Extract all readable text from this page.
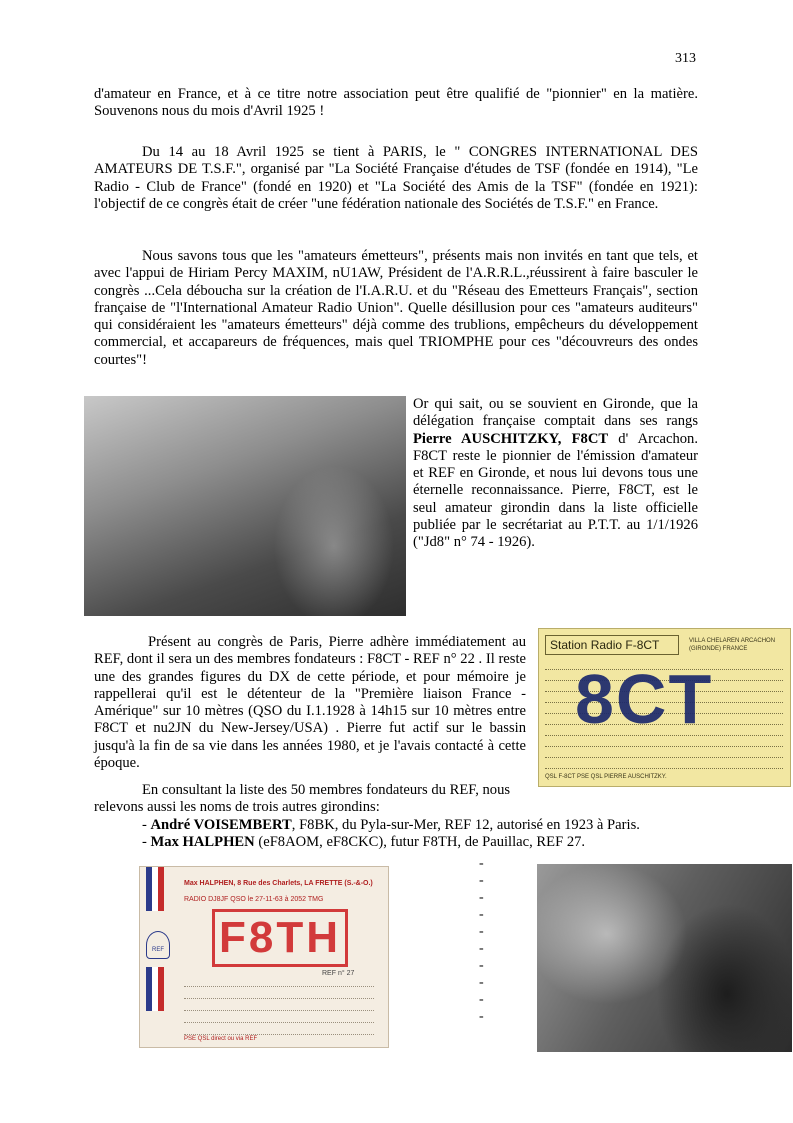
313

d'amateur en France, et à ce titre notre association peut être qualifié de "pionnier" en la matière. Souvenons nous du mois d'Avril 1925 !

Du 14 au 18 Avril 1925 se tient à PARIS, le " CONGRES INTERNATIONAL DES AMATEURS DE T.S.F.", organisé par "La Société Française d'études de TSF (fondée en 1914), "Le Radio - Club de France" (fondé en 1920) et "La Société des Amis de la TSF" (fondée en 1921): l'objectif de ce congrès était de créer "une fédération nationale des Sociétés de T.S.F." en France.

Nous savons tous que les "amateurs émetteurs", présents mais non invités en tant que tels, et avec l'appui de Hiriam Percy MAXIM, nU1AW, Président de l'A.R.R.L.,réussirent à faire basculer le congrès ...Cela déboucha sur la création de l'I.A.R.U. et du "Réseau des Emetteurs Français", section française de "l'International Amateur Radio Union". Quelle désillusion pour ces "amateurs auditeurs" qui considéraient les "amateurs émetteurs" déjà comme des trublions, empêcheurs du développement commercial, et accapareurs de fréquences, mais quel TRIOMPHE pour ces "découvreurs des ondes courtes"!

Or qui sait, ou se souvient en Gironde, que la délégation française comptait dans ses rangs Pierre AUSCHITZKY, F8CT d' Arcachon. F8CT reste le pionnier de l'émission d'amateur et REF en Gironde, et nous lui devons tous une éternelle reconnaissance. Pierre, F8CT, est le seul amateur girondin dans la liste officielle publiée par le secrétariat au P.T.T. au 1/1/1926 ("Jd8" n° 74 - 1926).

Station Radio F-8CT	VILLA CHELAREN ARCACHON (GIRONDE) FRANCE
8CT
QSL F-8CT PSE QSL PIERRE AUSCHITZKY.

Présent au congrès de Paris, Pierre adhère immédiatement au REF, dont il sera un des membres fondateurs : F8CT - REF n° 22 . Il reste une des grandes figures du DX de cette période, et pour mémoire je rappellerai qu'il est le détenteur de la "Première liaison France - Amérique" sur 10 mètres (QSO du I.1.1928 à 14h15 sur 10 mètres entre F8CT et nu2JN du New-Jersey/USA) . Pierre fut actif sur le bassin jusqu'à la fin de sa vie dans les années 1980, et je l'avais contacté à cette époque.

En consultant la liste des 50 membres fondateurs du REF, nous relevons aussi les noms de trois autres girondins:

- André VOISEMBERT, F8BK, du Pyla-sur-Mer, REF 12, autorisé en 1923 à Paris.
- Max HALPHEN (eF8AOM, eF8CKC), futur F8TH, de Pauillac, REF 27.
-
-
-
-
-
-
-
-
-
-
REF
Max HALPHEN, 8 Rue des Charlets, LA FRETTE (S.-&-O.)
RADIO DJ8JF QSO le 27-11-63 à 2052 TMG
F8TH
REF n° 27
PSE QSL direct ou via REF
